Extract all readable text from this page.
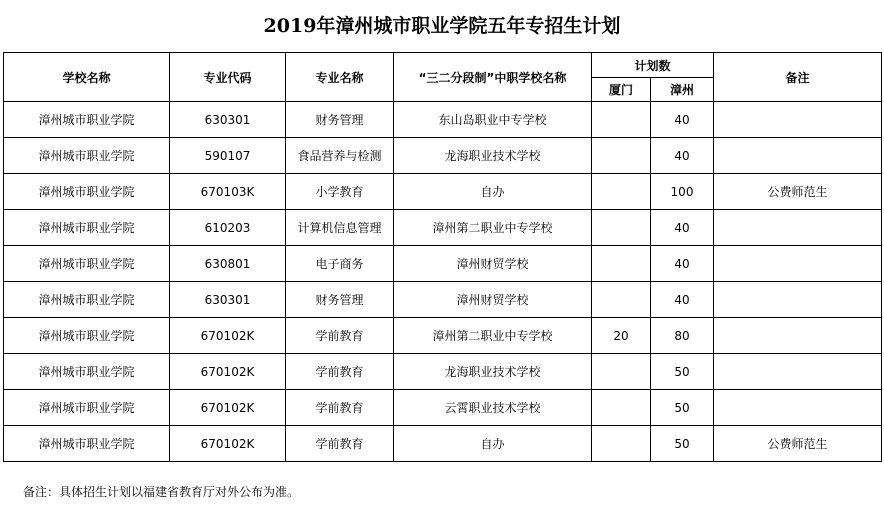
2019年漳州城市职业学院五年专招生计划
学校名称	专业代码	专业名称	“三二分段制”中职学校名称	计划数		备注
				厦门	漳州	
漳州城市职业学院	630301	财务管理	东山岛职业中专学校		40	
漳州城市职业学院	590107	食品营养与检测	龙海职业技术学校		40	
漳州城市职业学院	670103K	小学教育	自办		100	公费师范生
漳州城市职业学院	610203	计算机信息管理	漳州第二职业中专学校		40	
漳州城市职业学院	630801	电子商务	漳州财贸学校		40	
漳州城市职业学院	630301	财务管理	漳州财贸学校		40	
漳州城市职业学院	670102K	学前教育	漳州第二职业中专学校	20	80	
漳州城市职业学院	670102K	学前教育	龙海职业技术学校		50	
漳州城市职业学院	670102K	学前教育	云霄职业技术学校		50	
漳州城市职业学院	670102K	学前教育	自办		50	公费师范生
备注：具体招生计划以福建省教育厅对外公布为准。
